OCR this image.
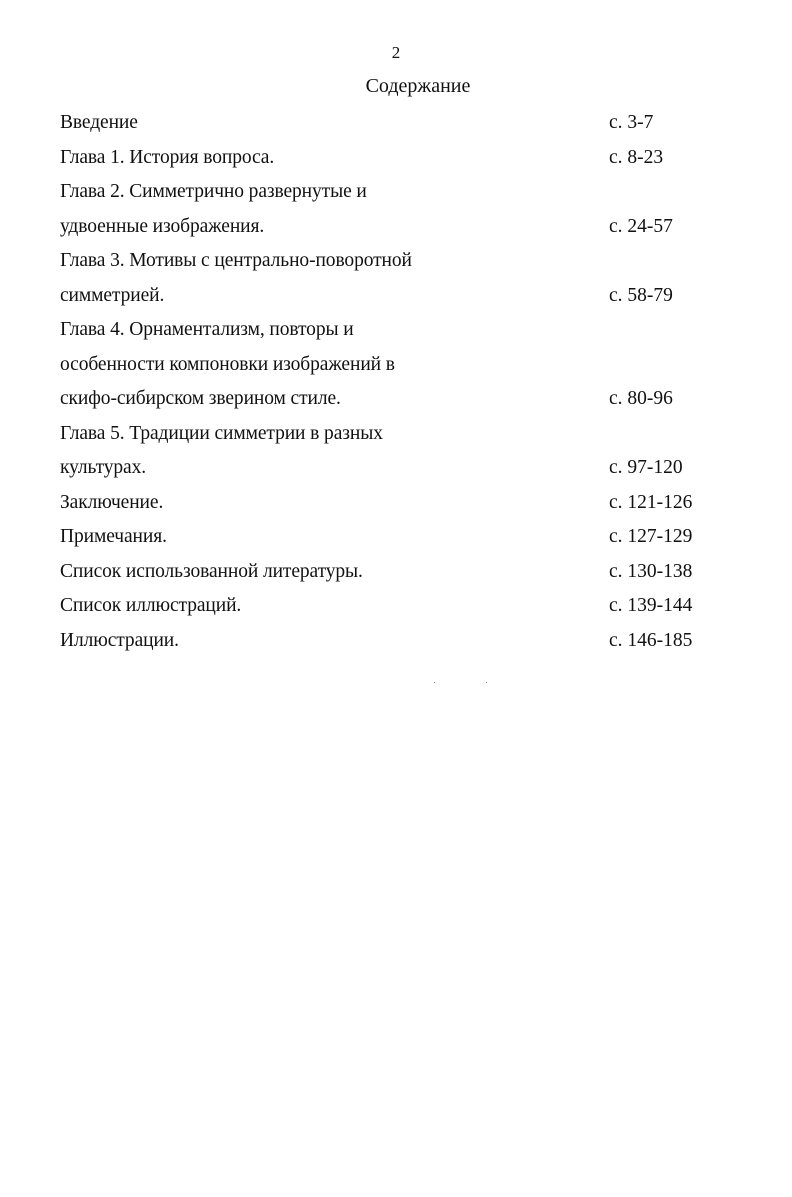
2
Содержание
Введение	с. 3-7
Глава 1. История вопроса.	с. 8-23
Глава 2. Симметрично развернутые и
удвоенные изображения.	с. 24-57
Глава 3. Мотивы с центрально-поворотной
симметрией.	с. 58-79
Глава 4. Орнаментализм, повторы и
особенности компоновки изображений в
скифо-сибирском зверином стиле.	с. 80-96
Глава 5. Традиции симметрии в разных
культурах.	с. 97-120
Заключение.	с. 121-126
Примечания.	с. 127-129
Список использованной литературы.	с. 130-138
Список иллюстраций.	с. 139-144
Иллюстрации.	с. 146-185
